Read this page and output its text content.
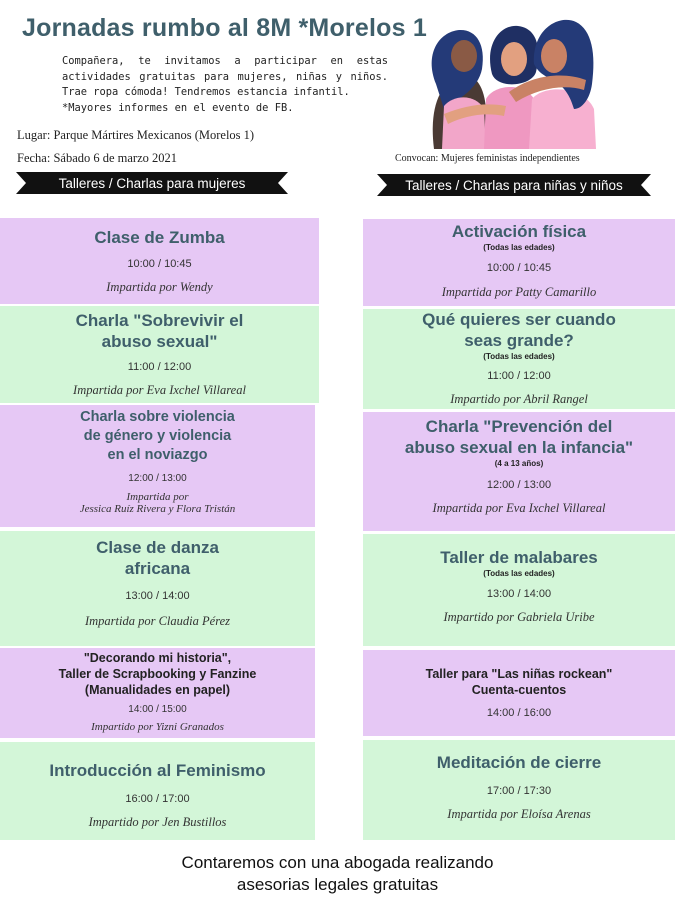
Jornadas rumbo al 8M *Morelos 1
Compañera, te invitamos a participar en estas
actividades gratuitas para mujeres, niñas y niños.
Trae ropa cómoda! Tendremos estancia infantil.
*Mayores informes en el evento de FB.
Lugar: Parque Mártires Mexicanos (Morelos 1)
Fecha: Sábado 6 de marzo 2021	Convocan: Mujeres feministas independientes
Talleres / Charlas para mujeres	Talleres / Charlas para niñas y niños
Clase de Zumba
10:00 / 10:45
Impartida por Wendy
Charla "Sobrevivir el
abuso sexual"
11:00 / 12:00
Impartida por Eva Ixchel Villareal
Charla sobre violencia
de género y violencia
en el noviazgo
12:00 / 13:00
Impartida por
Jessica Ruíz Rivera y Flora Tristán
Clase de danza
africana
13:00 / 14:00
Impartida por Claudia Pérez
"Decorando mi historia",
Taller de Scrapbooking y Fanzine
(Manualidades en papel)
14:00 / 15:00
Impartido por Yizni Granados
Introducción al Feminismo
16:00 / 17:00
Impartido por Jen Bustillos
Activación física
(Todas las edades)
10:00 / 10:45
Impartida por Patty Camarillo
Qué quieres ser cuando
seas grande?
(Todas las edades)
11:00 / 12:00
Impartido por Abril Rangel
Charla "Prevención del
abuso sexual en la infancia"
(4 a 13 años)
12:00 / 13:00
Impartida por Eva Ixchel Villareal
Taller de malabares
(Todas las edades)
13:00 / 14:00
Impartido por Gabriela Uribe
Taller para "Las niñas rockean"
Cuenta-cuentos
14:00 / 16:00
Meditación de cierre
17:00 / 17:30
Impartida por Eloísa Arenas
Contaremos con una abogada realizando
asesorias legales gratuitas
